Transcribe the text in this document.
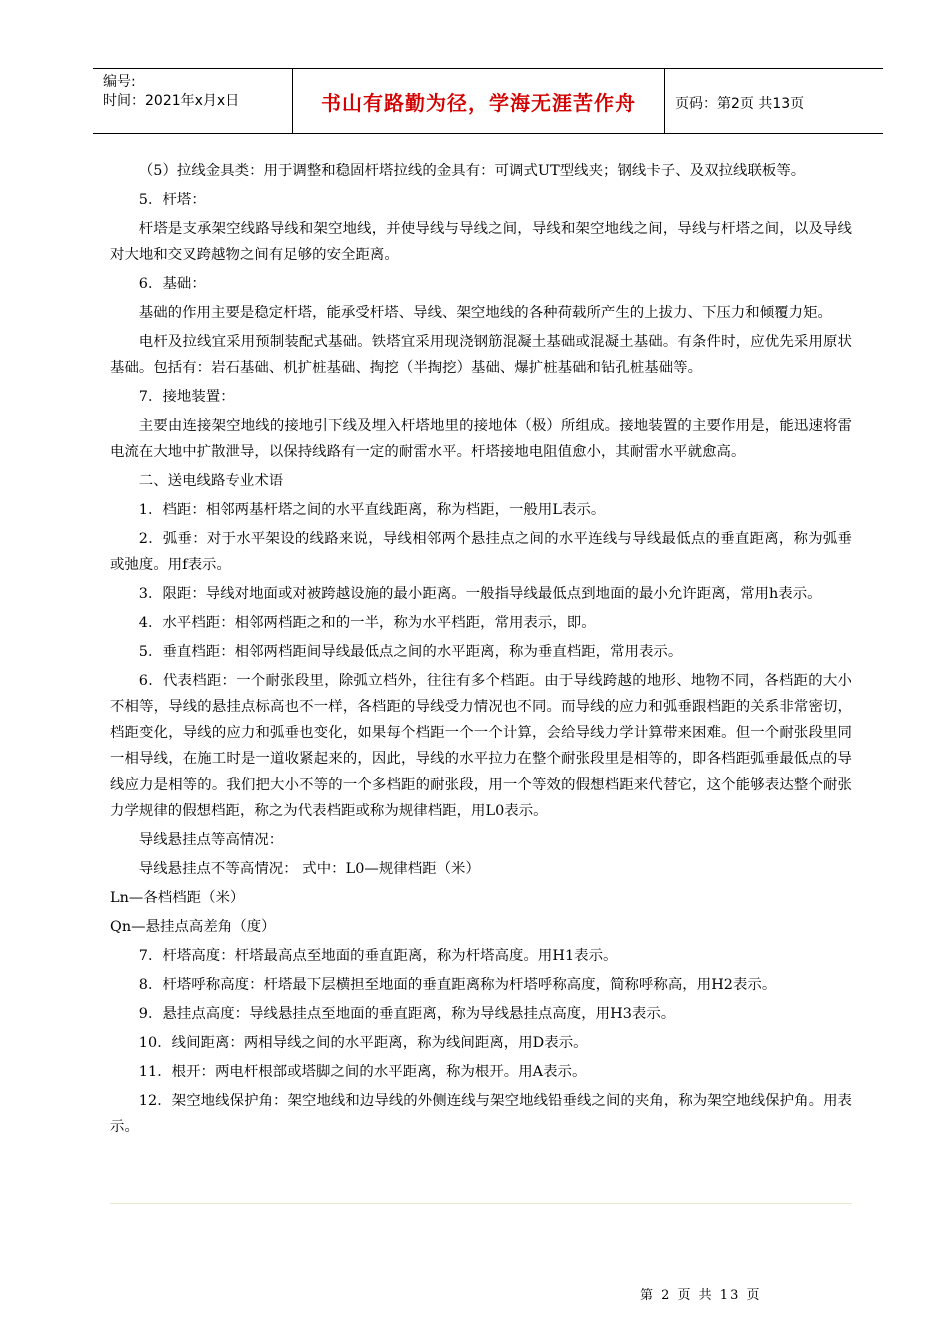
编号:
时间：2021年x月x日	书山有路勤为径，学海无涯苦作舟	页码：第2页 共13页

（5）拉线金具类：用于调整和稳固杆塔拉线的金具有：可调式UT型线夹；钢线卡子、及双拉线联板等。

5．杆塔：

杆塔是支承架空线路导线和架空地线，并使导线与导线之间，导线和架空地线之间，导线与杆塔之间，以及导线对大地和交叉跨越物之间有足够的安全距离。

6．基础：

基础的作用主要是稳定杆塔，能承受杆塔、导线、架空地线的各种荷载所产生的上拔力、下压力和倾覆力矩。

电杆及拉线宜采用预制装配式基础。铁塔宜采用现浇钢筋混凝土基础或混凝土基础。有条件时，应优先采用原状基础。包括有：岩石基础、机扩桩基础、掏挖（半掏挖）基础、爆扩桩基础和钻孔桩基础等。

7．接地装置：

主要由连接架空地线的接地引下线及埋入杆塔地里的接地体（极）所组成。接地装置的主要作用是，能迅速将雷电流在大地中扩散泄导，以保持线路有一定的耐雷水平。杆塔接地电阻值愈小，其耐雷水平就愈高。

二、送电线路专业术语

1．档距：相邻两基杆塔之间的水平直线距离，称为档距，一般用L表示。

2．弧垂：对于水平架设的线路来说，导线相邻两个悬挂点之间的水平连线与导线最低点的垂直距离，称为弧垂或弛度。用f表示。

3．限距：导线对地面或对被跨越设施的最小距离。一般指导线最低点到地面的最小允许距离，常用h表示。

4．水平档距：相邻两档距之和的一半，称为水平档距，常用表示，即。

5．垂直档距：相邻两档距间导线最低点之间的水平距离，称为垂直档距，常用表示。

6．代表档距：一个耐张段里，除弧立档外，往往有多个档距。由于导线跨越的地形、地物不同，各档距的大小不相等，导线的悬挂点标高也不一样，各档距的导线受力情况也不同。而导线的应力和弧垂跟档距的关系非常密切，档距变化，导线的应力和弧垂也变化，如果每个档距一个一个计算，会给导线力学计算带来困难。但一个耐张段里同一相导线，在施工时是一道收紧起来的，因此，导线的水平拉力在整个耐张段里是相等的，即各档距弧垂最低点的导线应力是相等的。我们把大小不等的一个多档距的耐张段，用一个等效的假想档距来代替它，这个能够表达整个耐张力学规律的假想档距，称之为代表档距或称为规律档距，用L0表示。

导线悬挂点等高情况：

导线悬挂点不等高情况： 式中：L0—规律档距（米）

Ln—各档档距（米）

Qn—悬挂点高差角（度）

7．杆塔高度：杆塔最高点至地面的垂直距离，称为杆塔高度。用H1表示。

8．杆塔呼称高度：杆塔最下层横担至地面的垂直距离称为杆塔呼称高度，简称呼称高，用H2表示。

9．悬挂点高度：导线悬挂点至地面的垂直距离，称为导线悬挂点高度，用H3表示。

10．线间距离：两相导线之间的水平距离，称为线间距离，用D表示。

11．根开：两电杆根部或塔脚之间的水平距离，称为根开。用A表示。

12．架空地线保护角：架空地线和边导线的外侧连线与架空地线铅垂线之间的夹角，称为架空地线保护角。用表示。

第 2 页 共 13 页
